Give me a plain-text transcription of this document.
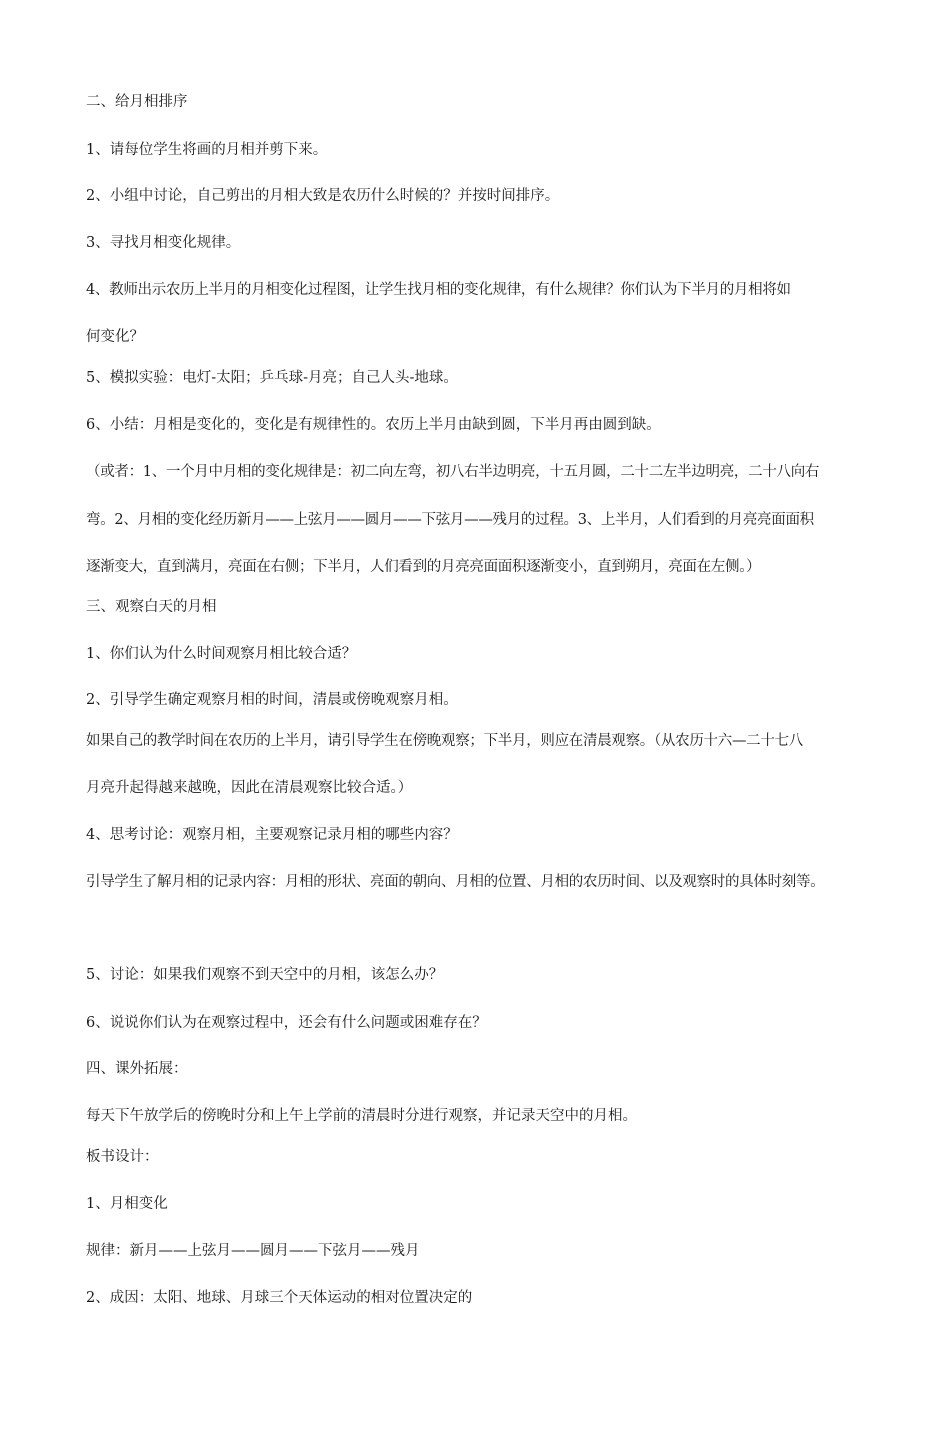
二、给月相排序

1、请每位学生将画的月相并剪下来。

2、小组中讨论，自己剪出的月相大致是农历什么时候的？并按时间排序。

3、寻找月相变化规律。

4、教师出示农历上半月的月相变化过程图，让学生找月相的变化规律，有什么规律？你们认为下半月的月相将如

何变化？

5、模拟实验：电灯-太阳；乒乓球-月亮；自己人头-地球。

6、小结：月相是变化的，变化是有规律性的。农历上半月由缺到圆，下半月再由圆到缺。

（或者：1、一个月中月相的变化规律是：初二向左弯，初八右半边明亮，十五月圆，二十二左半边明亮，二十八向右

弯。2、月相的变化经历新月——上弦月——圆月——下弦月——残月的过程。3、上半月，人们看到的月亮亮面面积

逐渐变大，直到满月，亮面在右侧；下半月，人们看到的月亮亮面面积逐渐变小，直到朔月，亮面在左侧。）

三、观察白天的月相

1、你们认为什么时间观察月相比较合适？

2、引导学生确定观察月相的时间，清晨或傍晚观察月相。

如果自己的教学时间在农历的上半月，请引导学生在傍晚观察；下半月，则应在清晨观察。（从农历十六—二十七八

月亮升起得越来越晚，因此在清晨观察比较合适。）

4、思考讨论：观察月相，主要观察记录月相的哪些内容？

引导学生了解月相的记录内容：月相的形状、亮面的朝向、月相的位置、月相的农历时间、以及观察时的具体时刻等。

5、讨论：如果我们观察不到天空中的月相，该怎么办？

6、说说你们认为在观察过程中，还会有什么问题或困难存在？

四、课外拓展：

每天下午放学后的傍晚时分和上午上学前的清晨时分进行观察，并记录天空中的月相。

板书设计：

1、月相变化

规律：新月——上弦月——圆月——下弦月——残月

2、成因：太阳、地球、月球三个天体运动的相对位置决定的
